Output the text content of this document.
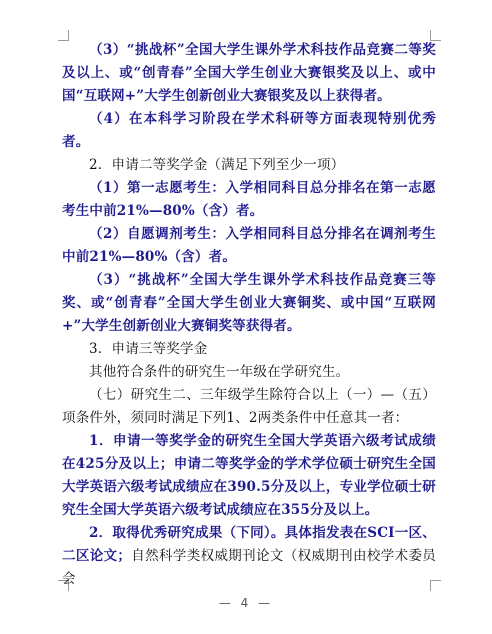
（3）“挑战杯”全国大学生课外学术科技作品竞赛二等奖及以上、或“创青春”全国大学生创业大赛银奖及以上、或中国“互联网+”大学生创新创业大赛银奖及以上获得者。

（4）在本科学习阶段在学术科研等方面表现特别优秀者。

2．申请二等奖学金（满足下列至少一项）

（1）第一志愿考生：入学相同科目总分排名在第一志愿考生中前21%—80%（含）者。

（2）自愿调剂考生：入学相同科目总分排名在调剂考生中前21%—80%（含）者。

（3）“挑战杯”全国大学生课外学术科技作品竞赛三等奖、或“创青春”全国大学生创业大赛铜奖、或中国“互联网+”大学生创新创业大赛铜奖等获得者。

3．申请三等奖学金

其他符合条件的研究生一年级在学研究生。

（七）研究生二、三年级学生除符合以上（一）—（五）项条件外，须同时满足下列1、2两类条件中任意其一者：

1．申请一等奖学金的研究生全国大学英语六级考试成绩在425分及以上；申请二等奖学金的学术学位硕士研究生全国大学英语六级考试成绩应在390.5分及以上，专业学位硕士研究生全国大学英语六级考试成绩应在355分及以上。

2．取得优秀研究成果（下同）。具体指发表在SCI一区、二区论文；自然科学类权威期刊论文（权威期刊由校学术委员会

— 4 —
